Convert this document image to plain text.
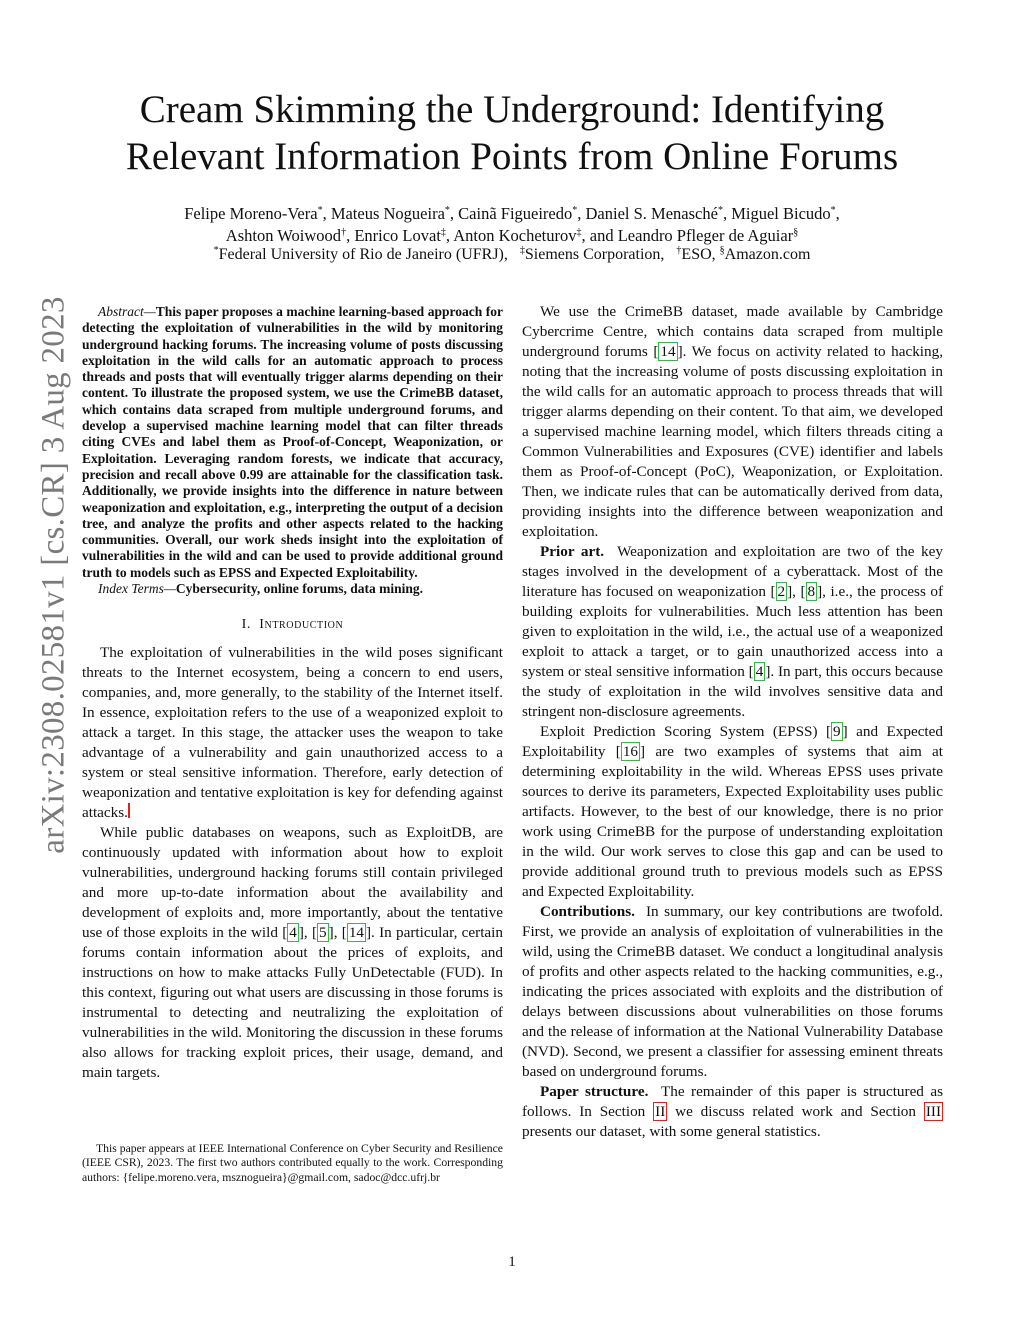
arXiv:2308.02581v1 [cs.CR] 3 Aug 2023
Cream Skimming the Underground: Identifying
Relevant Information Points from Online Forums

Felipe Moreno-Vera*, Mateus Nogueira*, Cainã Figueiredo*, Daniel S. Menasché*, Miguel Bicudo*,

Ashton Woiwood†, Enrico Lovat‡, Anton Kocheturov‡, and Leandro Pfleger de Aguiar§

*Federal University of Rio de Janeiro (UFRJ), ‡Siemens Corporation, †ESO, §Amazon.com

Abstract—This paper proposes a machine learning-based approach for detecting the exploitation of vulnerabilities in the wild by monitoring underground hacking forums. The increasing volume of posts discussing exploitation in the wild calls for an automatic approach to process threads and posts that will eventually trigger alarms depending on their content. To illustrate the proposed system, we use the CrimeBB dataset, which contains data scraped from multiple underground forums, and develop a supervised machine learning model that can filter threads citing CVEs and label them as Proof-of-Concept, Weaponization, or Exploitation. Leveraging random forests, we indicate that accuracy, precision and recall above 0.99 are attainable for the classification task. Additionally, we provide insights into the difference in nature between weaponization and exploitation, e.g., interpreting the output of a decision tree, and analyze the profits and other aspects related to the hacking communities. Overall, our work sheds insight into the exploitation of vulnerabilities in the wild and can be used to provide additional ground truth to models such as EPSS and Expected Exploitability.

Index Terms—Cybersecurity, online forums, data mining.

I. Introduction

The exploitation of vulnerabilities in the wild poses significant threats to the Internet ecosystem, being a concern to end users, companies, and, more generally, to the stability of the Internet itself. In essence, exploitation refers to the use of a weaponized exploit to attack a target. In this stage, the attacker uses the weapon to take advantage of a vulnerability and gain unauthorized access to a system or steal sensitive information. Therefore, early detection of weaponization and tentative exploitation is key for defending against attacks.

While public databases on weapons, such as ExploitDB, are continuously updated with information about how to exploit vulnerabilities, underground hacking forums still contain privileged and more up-to-date information about the availability and development of exploits and, more importantly, about the tentative use of those exploits in the wild [ 4 ], [ 5 ], [ 14 ]. In particular, certain forums contain information about the prices of exploits, and instructions on how to make attacks Fully UnDetectable (FUD). In this context, figuring out what users are discussing in those forums is instrumental to detecting and neutralizing the exploitation of vulnerabilities in the wild. Monitoring the discussion in these forums also allows for tracking exploit prices, their usage, demand, and main targets.

This paper appears at IEEE International Conference on Cyber Security and Resilience (IEEE CSR), 2023. The first two authors contributed equally to the work. Corresponding authors: {felipe.moreno.vera, msznogueira}@gmail.com, sadoc@dcc.ufrj.br

We use the CrimeBB dataset, made available by Cambridge Cybercrime Centre, which contains data scraped from multiple underground forums [ 14 ]. We focus on activity related to hacking, noting that the increasing volume of posts discussing exploitation in the wild calls for an automatic approach to process threads that will trigger alarms depending on their content. To that aim, we developed a supervised machine learning model, which filters threads citing a Common Vulnerabilities and Exposures (CVE) identifier and labels them as Proof-of-Concept (PoC), Weaponization, or Exploitation. Then, we indicate rules that can be automatically derived from data, providing insights into the difference between weaponization and exploitation.

Prior art. Weaponization and exploitation are two of the key stages involved in the development of a cyberattack. Most of the literature has focused on weaponization [ 2 ], [ 8 ], i.e., the process of building exploits for vulnerabilities. Much less attention has been given to exploitation in the wild, i.e., the actual use of a weaponized exploit to attack a target, or to gain unauthorized access into a system or steal sensitive information [ 4 ]. In part, this occurs because the study of exploitation in the wild involves sensitive data and stringent non-disclosure agreements.

Exploit Prediction Scoring System (EPSS) [ 9 ] and Expected Exploitability [ 16 ] are two examples of systems that aim at determining exploitability in the wild. Whereas EPSS uses private sources to derive its parameters, Expected Exploitability uses public artifacts. However, to the best of our knowledge, there is no prior work using CrimeBB for the purpose of understanding exploitation in the wild. Our work serves to close this gap and can be used to provide additional ground truth to previous models such as EPSS and Expected Exploitability.

Contributions. In summary, our key contributions are twofold. First, we provide an analysis of exploitation of vulnerabilities in the wild, using the CrimeBB dataset. We conduct a longitudinal analysis of profits and other aspects related to the hacking communities, e.g., indicating the prices associated with exploits and the distribution of delays between discussions about vulnerabilities on those forums and the release of information at the National Vulnerability Database (NVD). Second, we present a classifier for assessing eminent threats based on underground forums.

Paper structure. The remainder of this paper is structured as follows. In Section II we discuss related work and Section III presents our dataset, with some general statistics.

1
